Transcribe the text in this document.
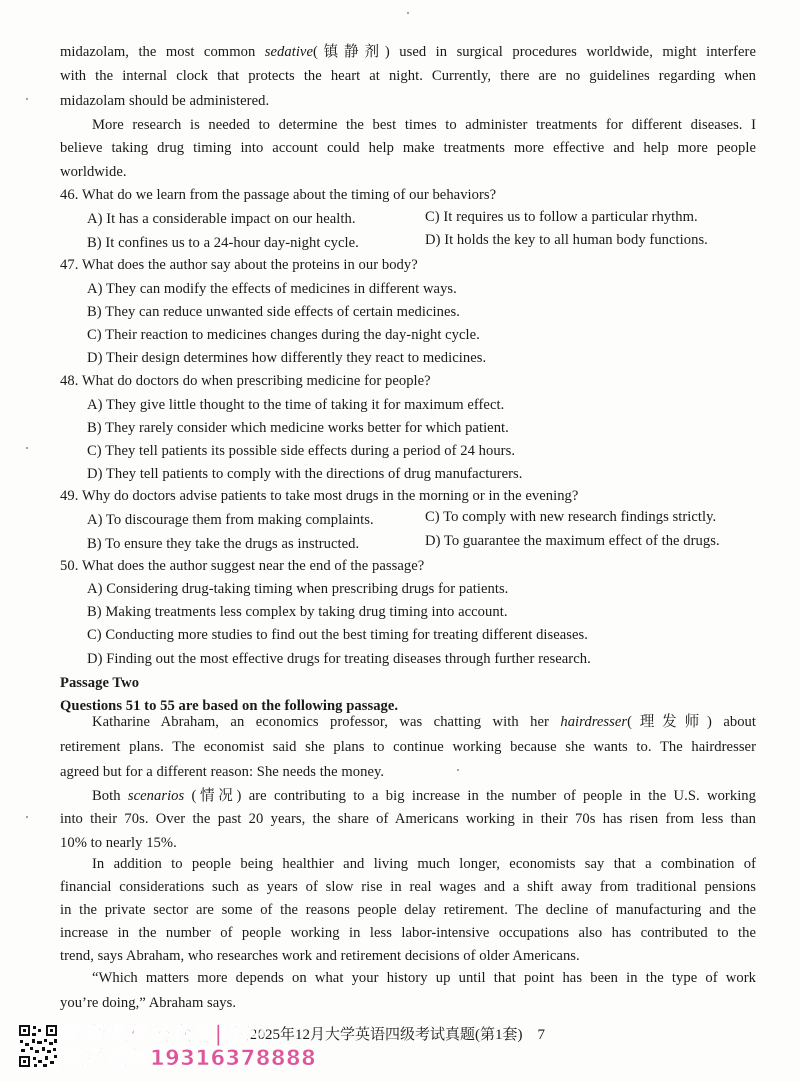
midazolam, the most common sedative(镇静剂) used in surgical procedures worldwide, might interfere
with the internal clock that protects the heart at night. Currently, there are no guidelines regarding when
midazolam should be administered.
More research is needed to determine the best times to administer treatments for different diseases. I
believe taking drug timing into account could help make treatments more effective and help more people
worldwide.
46. What do we learn from the passage about the timing of our behaviors?
A) It has a considerable impact on our health.	C) It requires us to follow a particular rhythm.
B) It confines us to a 24-hour day-night cycle.	D) It holds the key to all human body functions.
47. What does the author say about the proteins in our body?
A) They can modify the effects of medicines in different ways.
B) They can reduce unwanted side effects of certain medicines.
C) Their reaction to medicines changes during the day-night cycle.
D) Their design determines how differently they react to medicines.
48. What do doctors do when prescribing medicine for people?
A) They give little thought to the time of taking it for maximum effect.
B) They rarely consider which medicine works better for which patient.
C) They tell patients its possible side effects during a period of 24 hours.
D) They tell patients to comply with the directions of drug manufacturers.
49. Why do doctors advise patients to take most drugs in the morning or in the evening?
A) To discourage them from making complaints.	C) To comply with new research findings strictly.
B) To ensure they take the drugs as instructed.	D) To guarantee the maximum effect of the drugs.
50. What does the author suggest near the end of the passage?
A) Considering drug-taking timing when prescribing drugs for patients.
B) Making treatments less complex by taking drug timing into account.
C) Conducting more studies to find out the best timing for treating different diseases.
D) Finding out the most effective drugs for treating diseases through further research.
Passage Two
Questions 51 to 55 are based on the following passage.
Katharine Abraham, an economics professor, was chatting with her hairdresser(理发师) about
retirement plans. The economist said she plans to continue working because she wants to. The hairdresser
agreed but for a different reason: She needs the money.
Both scenarios (情况) are contributing to a big increase in the number of people in the U.S. working
into their 70s. Over the past 20 years, the share of Americans working in their 70s has risen from less than
10% to nearly 15%.
In addition to people being healthier and living much longer, economists say that a combination of
financial considerations such as years of slow rise in real wages and a shift away from traditional pensions
in the private sector are some of the reasons people delay retirement. The decline of manufacturing and the
increase in the number of people working in less labor-intensive occupations also has contributed to the
trend, says Abraham, who researches work and retirement decisions of older Americans.
“Which matters more depends on what your history up until that point has been in the type of work
you’re doing,” Abraham says.
2025年12月大学英语四级考试真题(第1套) 7
配套课程公众号|还冲
联系微信19316378888
